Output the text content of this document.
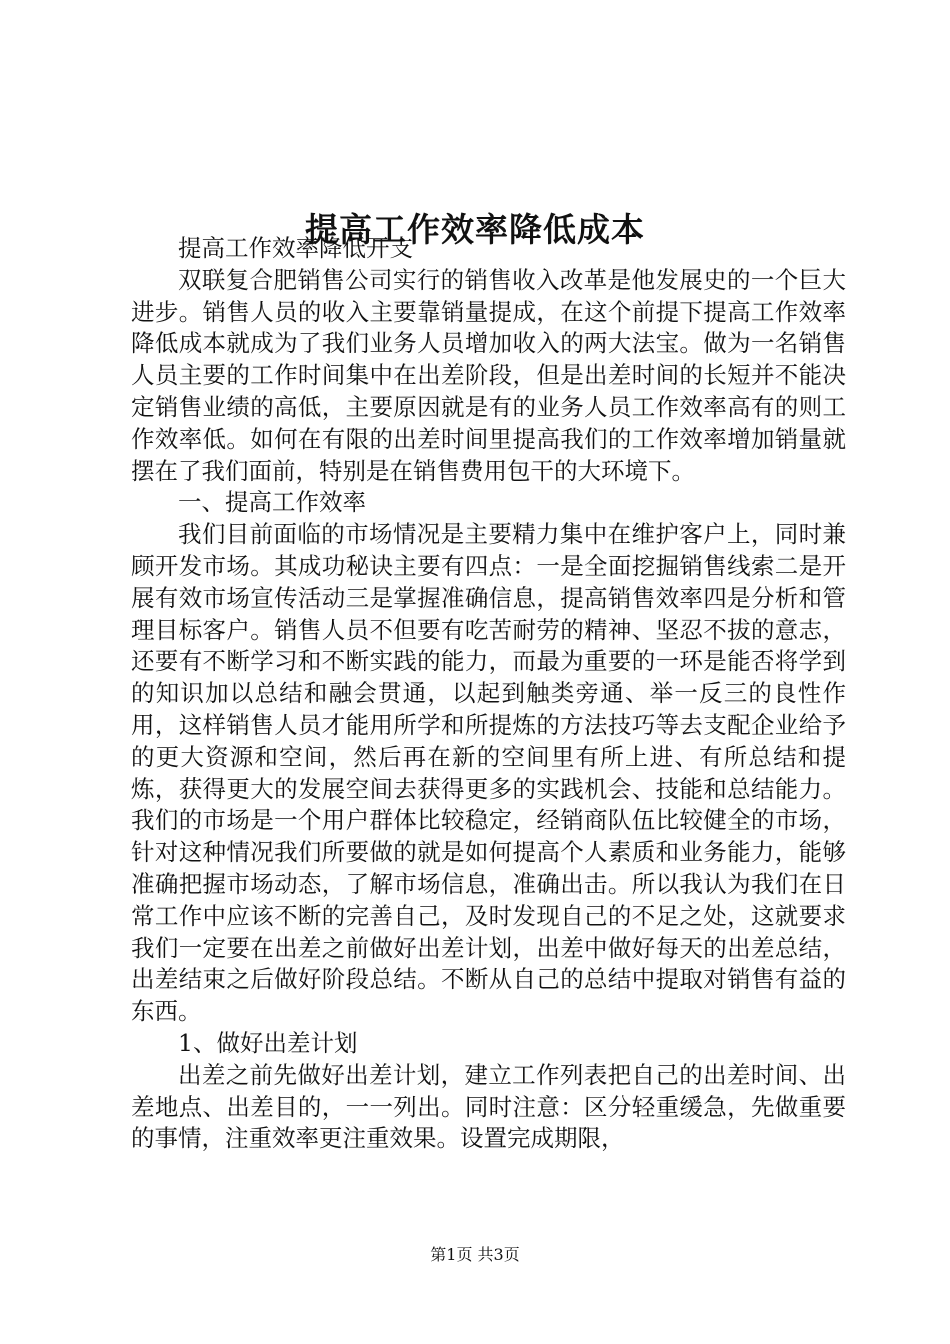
提高工作效率降低成本

提高工作效率降低开支

双联复合肥销售公司实行的销售收入改革是他发展史的一个巨大进步。销售人员的收入主要靠销量提成，在这个前提下提高工作效率降低成本就成为了我们业务人员增加收入的两大法宝。做为一名销售人员主要的工作时间集中在出差阶段，但是出差时间的长短并不能决定销售业绩的高低，主要原因就是有的业务人员工作效率高有的则工作效率低。如何在有限的出差时间里提高我们的工作效率增加销量就摆在了我们面前，特别是在销售费用包干的大环境下。

一、提高工作效率

我们目前面临的市场情况是主要精力集中在维护客户上，同时兼顾开发市场。其成功秘诀主要有四点：一是全面挖掘销售线索二是开展有效市场宣传活动三是掌握准确信息，提高销售效率四是分析和管理目标客户。销售人员不但要有吃苦耐劳的精神、坚忍不拔的意志，还要有不断学习和不断实践的能力，而最为重要的一环是能否将学到的知识加以总结和融会贯通，以起到触类旁通、举一反三的良性作用，这样销售人员才能用所学和所提炼的方法技巧等去支配企业给予的更大资源和空间，然后再在新的空间里有所上进、有所总结和提炼，获得更大的发展空间去获得更多的实践机会、技能和总结能力。我们的市场是一个用户群体比较稳定，经销商队伍比较健全的市场，针对这种情况我们所要做的就是如何提高个人素质和业务能力，能够准确把握市场动态，了解市场信息，准确出击。所以我认为我们在日常工作中应该不断的完善自己，及时发现自己的不足之处，这就要求我们一定要在出差之前做好出差计划，出差中做好每天的出差总结，出差结束之后做好阶段总结。不断从自己的总结中提取对销售有益的东西。

1、做好出差计划

出差之前先做好出差计划，建立工作列表把自己的出差时间、出差地点、出差目的，一一列出。同时注意：区分轻重缓急，先做重要的事情，注重效率更注重效果。设置完成期限，

第1页 共3页
